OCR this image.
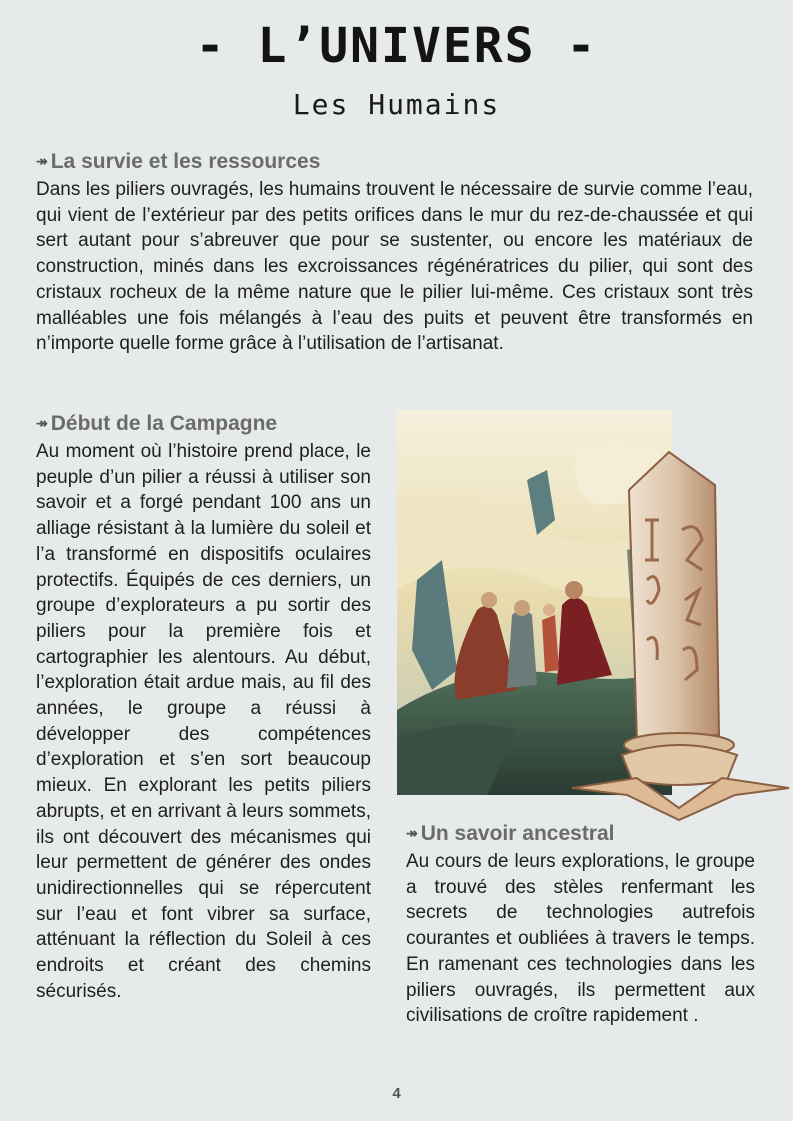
- L’UNIVERS -
Les Humains
↠ La survie et les ressources
Dans les piliers ouvragés, les humains trouvent le nécessaire de survie comme l’eau, qui vient de l’extérieur par des petits orifices dans le mur du rez-de-chaussée et qui sert autant pour s’abreuver que pour se sustenter, ou encore les matériaux de construction, minés dans les excroissances régénératrices du pilier, qui sont des cristaux rocheux de la même nature que le pilier lui-même. Ces cristaux sont très malléables une fois mélangés à l’eau des puits et peuvent être transformés en n’importe quelle forme grâce à l’utilisation de l’artisanat.
↠ Début de la Campagne
Au moment où l’histoire prend place, le peuple d’un pilier a réussi à utiliser son savoir et a forgé pendant 100 ans un alliage résistant à la lumière du soleil et l’a transformé en dispositifs oculaires protectifs. Équipés de ces derniers, un groupe d’explorateurs a pu sortir des piliers pour la première fois et cartographier les alentours. Au début, l’exploration était ardue mais, au fil des années, le groupe a réussi à développer des compétences d’exploration et s’en sort beaucoup mieux. En explorant les petits piliers abrupts, et en arrivant à leurs sommets, ils ont découvert des mécanismes qui leur permettent de générer des ondes unidirectionnelles qui se répercutent sur l’eau et font vibrer sa surface, atténuant la réflection du Soleil à ces endroits et créant des chemins sécurisés.
↠ Un savoir ancestral
Au cours de leurs explorations, le groupe a trouvé des stèles renfermant les secrets de technologies autrefois courantes et oubliées à travers le temps. En ramenant ces technologies dans les piliers ouvragés, ils permettent aux civilisations de croître rapidement .
4
